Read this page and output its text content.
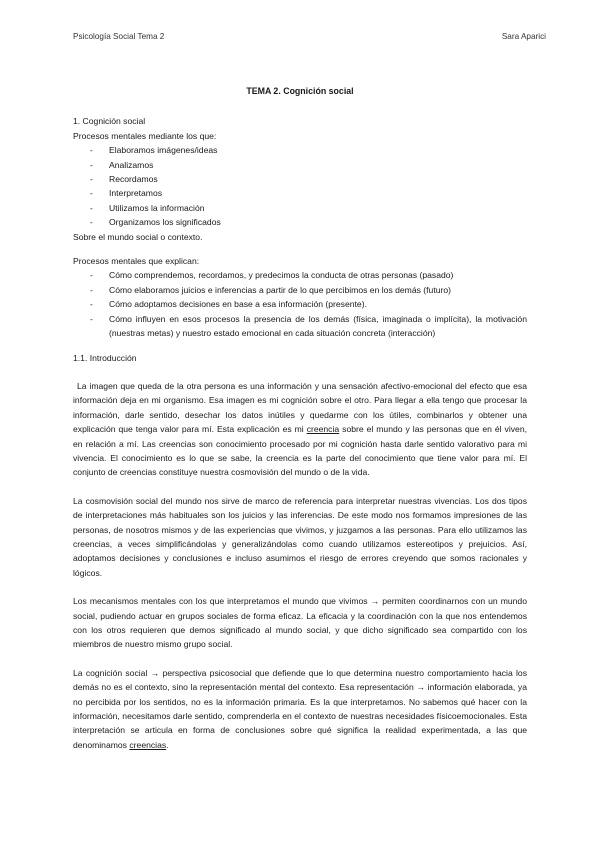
Psicología Social Tema 2	Sara Aparici
TEMA 2. Cognición social
1. Cognición social
Procesos mentales mediante los que:
- Elaboramos imágenes/ideas
- Analizamos
- Recordamos
- Interpretamos
- Utilizamos la información
- Organizamos los significados
Sobre el mundo social o contexto.
Procesos mentales que explican:
- Cómo comprendemos, recordamos, y predecimos la conducta de otras personas (pasado)
- Cómo elaboramos juicios e inferencias a partir de lo que percibimos en los demás (futuro)
- Cómo adoptamos decisiones en base a esa información (presente).
- Cómo influyen en esos procesos la presencia de los demás (física, imaginada o implícita), la motivación (nuestras metas) y nuestro estado emocional en cada situación concreta (interacción)
1.1. Introducción

La imagen que queda de la otra persona es una información y una sensación afectivo-emocional del efecto que esa información deja en mi organismo. Esa imagen es mi cognición sobre el otro. Para llegar a ella tengo que procesar la información, darle sentido, desechar los datos inútiles y quedarme con los útiles, combinarlos y obtener una explicación que tenga valor para mí. Esta explicación es mi creencia sobre el mundo y las personas que en él viven, en relación a mí. Las creencias son conocimiento procesado por mi cognición hasta darle sentido valorativo para mi vivencia. El conocimiento es lo que se sabe, la creencia es la parte del conocimiento que tiene valor para mí. El conjunto de creencias constituye nuestra cosmovisión del mundo o de la vida.

La cosmovisión social del mundo nos sirve de marco de referencia para interpretar nuestras vivencias. Los dos tipos de interpretaciones más habituales son los juicios y las inferencias. De este modo nos formamos impresiones de las personas, de nosotros mismos y de las experiencias que vivimos, y juzgamos a las personas. Para ello utilizamos las creencias, a veces simplificándolas y generalizándolas como cuando utilizamos estereotipos y prejuicios. Así, adoptamos decisiones y conclusiones e incluso asumimos el riesgo de errores creyendo que somos racionales y lógicos.

Los mecanismos mentales con los que interpretamos el mundo que vivimos → permiten coordinarnos con un mundo social, pudiendo actuar en grupos sociales de forma eficaz. La eficacia y la coordinación con la que nos entendemos con los otros requieren que demos significado al mundo social, y que dicho significado sea compartido con los miembros de nuestro mismo grupo social.

La cognición social → perspectiva psicosocial que defiende que lo que determina nuestro comportamiento hacia los demás no es el contexto, sino la representación mental del contexto. Esa representación → información elaborada, ya no percibida por los sentidos, no es la información primaria. Es la que interpretamos. No sabemos qué hacer con la información, necesitamos darle sentido, comprenderla en el contexto de nuestras necesidades físicoemocionales. Esta interpretación se articula en forma de conclusiones sobre qué significa la realidad experimentada, a las que denominamos creencias.
